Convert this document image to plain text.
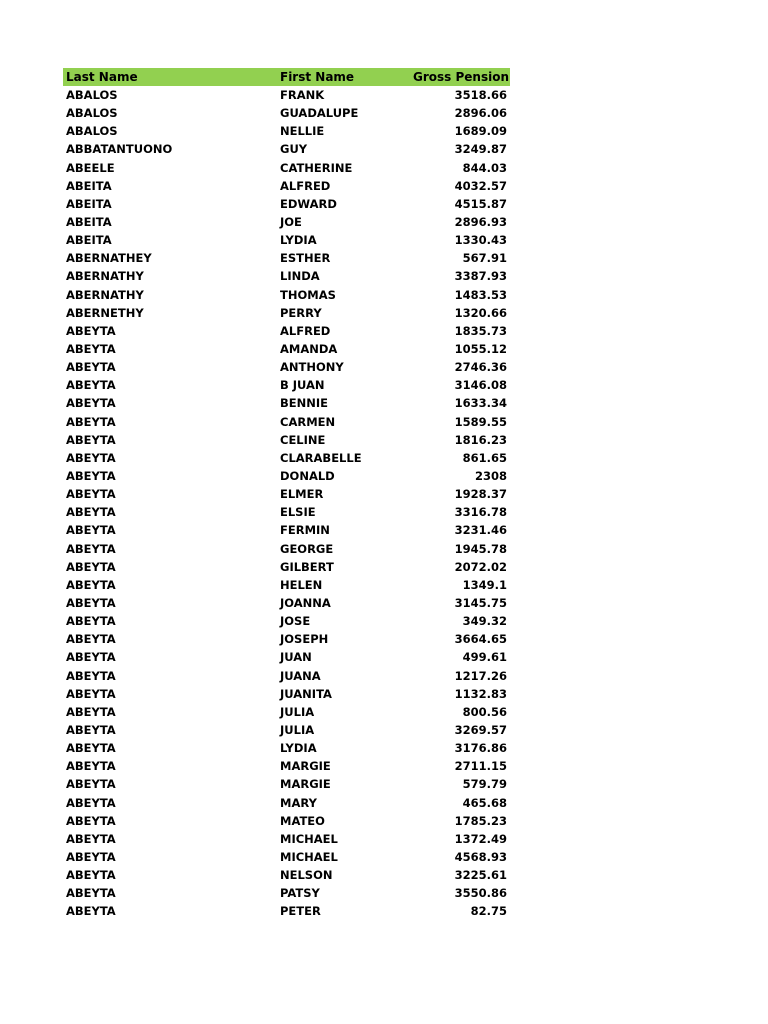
Last Name	First Name	Gross Pension
ABALOS	FRANK	3518.66
ABALOS	GUADALUPE	2896.06
ABALOS	NELLIE	1689.09
ABBATANTUONO	GUY	3249.87
ABEELE	CATHERINE	844.03
ABEITA	ALFRED	4032.57
ABEITA	EDWARD	4515.87
ABEITA	JOE	2896.93
ABEITA	LYDIA	1330.43
ABERNATHEY	ESTHER	567.91
ABERNATHY	LINDA	3387.93
ABERNATHY	THOMAS	1483.53
ABERNETHY	PERRY	1320.66
ABEYTA	ALFRED	1835.73
ABEYTA	AMANDA	1055.12
ABEYTA	ANTHONY	2746.36
ABEYTA	B JUAN	3146.08
ABEYTA	BENNIE	1633.34
ABEYTA	CARMEN	1589.55
ABEYTA	CELINE	1816.23
ABEYTA	CLARABELLE	861.65
ABEYTA	DONALD	2308
ABEYTA	ELMER	1928.37
ABEYTA	ELSIE	3316.78
ABEYTA	FERMIN	3231.46
ABEYTA	GEORGE	1945.78
ABEYTA	GILBERT	2072.02
ABEYTA	HELEN	1349.1
ABEYTA	JOANNA	3145.75
ABEYTA	JOSE	349.32
ABEYTA	JOSEPH	3664.65
ABEYTA	JUAN	499.61
ABEYTA	JUANA	1217.26
ABEYTA	JUANITA	1132.83
ABEYTA	JULIA	800.56
ABEYTA	JULIA	3269.57
ABEYTA	LYDIA	3176.86
ABEYTA	MARGIE	2711.15
ABEYTA	MARGIE	579.79
ABEYTA	MARY	465.68
ABEYTA	MATEO	1785.23
ABEYTA	MICHAEL	1372.49
ABEYTA	MICHAEL	4568.93
ABEYTA	NELSON	3225.61
ABEYTA	PATSY	3550.86
ABEYTA	PETER	82.75
